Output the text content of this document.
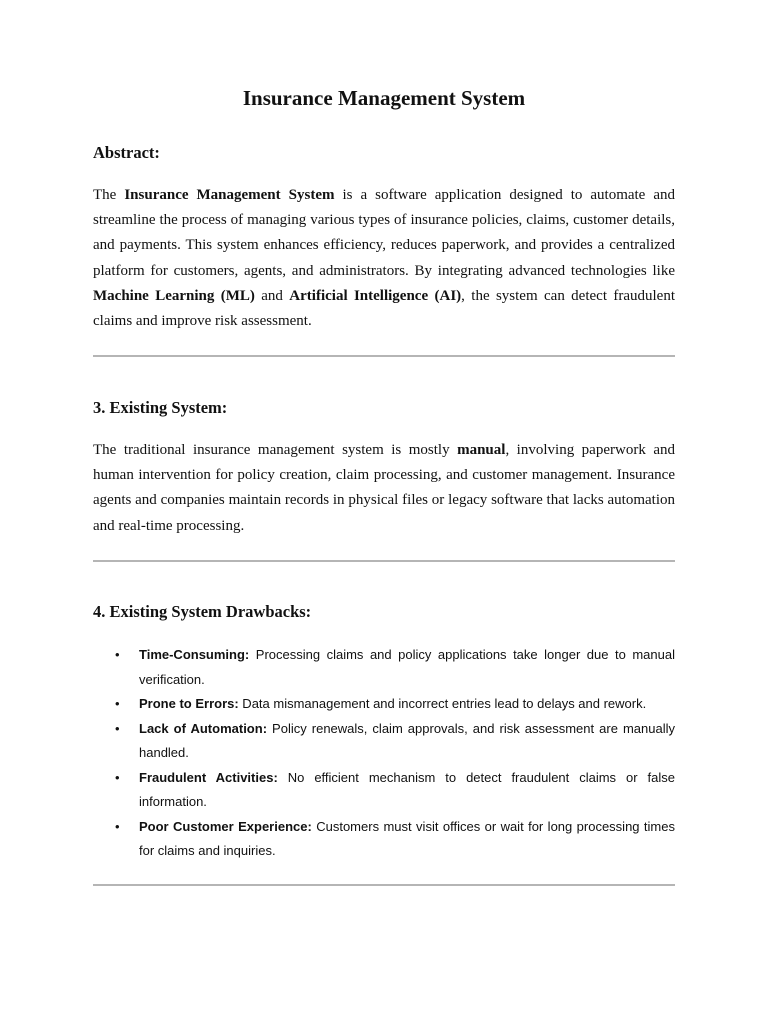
Insurance Management System
Abstract:

The Insurance Management System is a software application designed to automate and streamline the process of managing various types of insurance policies, claims, customer details, and payments. This system enhances efficiency, reduces paperwork, and provides a centralized platform for customers, agents, and administrators. By integrating advanced technologies like Machine Learning (ML) and Artificial Intelligence (AI), the system can detect fraudulent claims and improve risk assessment.

3. Existing System:

The traditional insurance management system is mostly manual, involving paperwork and human intervention for policy creation, claim processing, and customer management. Insurance agents and companies maintain records in physical files or legacy software that lacks automation and real-time processing.

4. Existing System Drawbacks:
• Time-Consuming: Processing claims and policy applications take longer due to manual verification.
• Prone to Errors: Data mismanagement and incorrect entries lead to delays and rework.
• Lack of Automation: Policy renewals, claim approvals, and risk assessment are manually handled.
• Fraudulent Activities: No efficient mechanism to detect fraudulent claims or false information.
• Poor Customer Experience: Customers must visit offices or wait for long processing times for claims and inquiries.
